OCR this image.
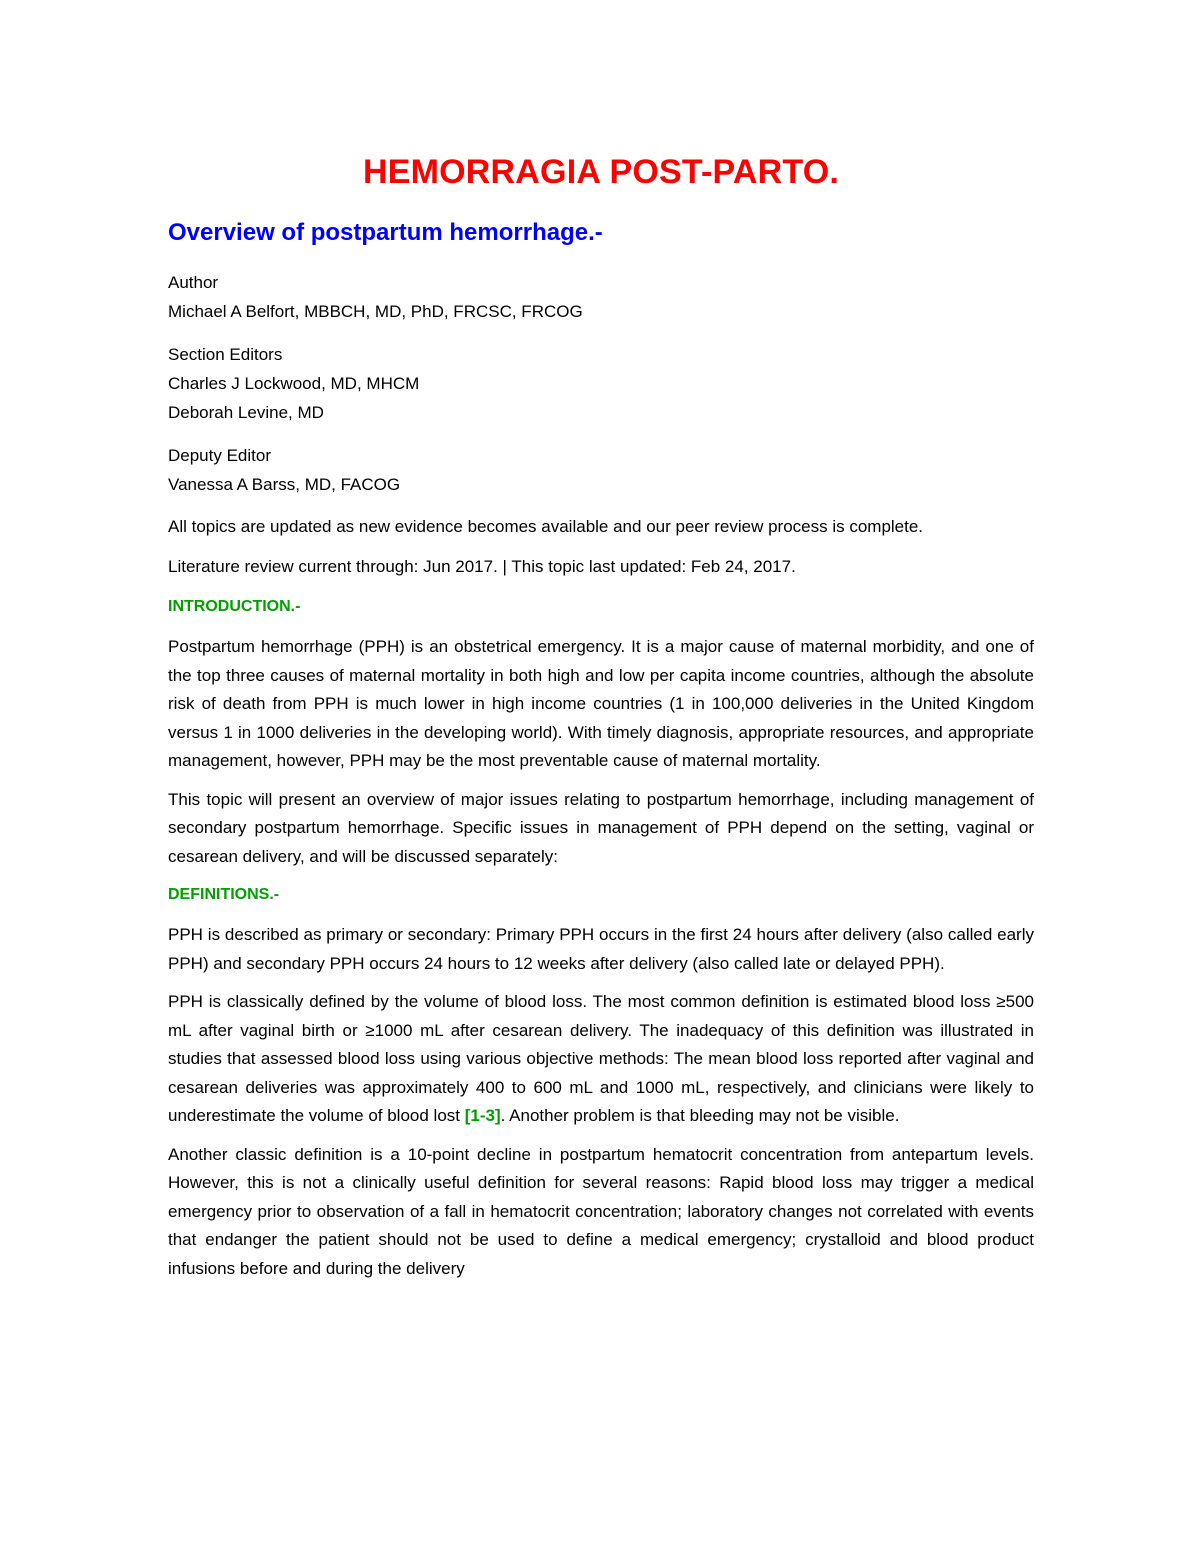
HEMORRAGIA POST-PARTO.
Overview of postpartum hemorrhage.-
Author
Michael A Belfort, MBBCH, MD, PhD, FRCSC, FRCOG
Section Editors
Charles J Lockwood, MD, MHCM
Deborah Levine, MD
Deputy Editor
Vanessa A Barss, MD, FACOG

All topics are updated as new evidence becomes available and our peer review process is complete.

Literature review current through: Jun 2017. | This topic last updated: Feb 24, 2017.

INTRODUCTION.-

Postpartum hemorrhage (PPH) is an obstetrical emergency. It is a major cause of maternal morbidity, and one of the top three causes of maternal mortality in both high and low per capita income countries, although the absolute risk of death from PPH is much lower in high income countries (1 in 100,000 deliveries in the United Kingdom versus 1 in 1000 deliveries in the developing world). With timely diagnosis, appropriate resources, and appropriate management, however, PPH may be the most preventable cause of maternal mortality.

This topic will present an overview of major issues relating to postpartum hemorrhage, including management of secondary postpartum hemorrhage. Specific issues in management of PPH depend on the setting, vaginal or cesarean delivery, and will be discussed separately:

DEFINITIONS.-

PPH is described as primary or secondary: Primary PPH occurs in the first 24 hours after delivery (also called early PPH) and secondary PPH occurs 24 hours to 12 weeks after delivery (also called late or delayed PPH).

PPH is classically defined by the volume of blood loss. The most common definition is estimated blood loss ≥500 mL after vaginal birth or ≥1000 mL after cesarean delivery. The inadequacy of this definition was illustrated in studies that assessed blood loss using various objective methods: The mean blood loss reported after vaginal and cesarean deliveries was approximately 400 to 600 mL and 1000 mL, respectively, and clinicians were likely to underestimate the volume of blood lost [1-3]. Another problem is that bleeding may not be visible.

Another classic definition is a 10-point decline in postpartum hematocrit concentration from antepartum levels. However, this is not a clinically useful definition for several reasons: Rapid blood loss may trigger a medical emergency prior to observation of a fall in hematocrit concentration; laboratory changes not correlated with events that endanger the patient should not be used to define a medical emergency; crystalloid and blood product infusions before and during the delivery
